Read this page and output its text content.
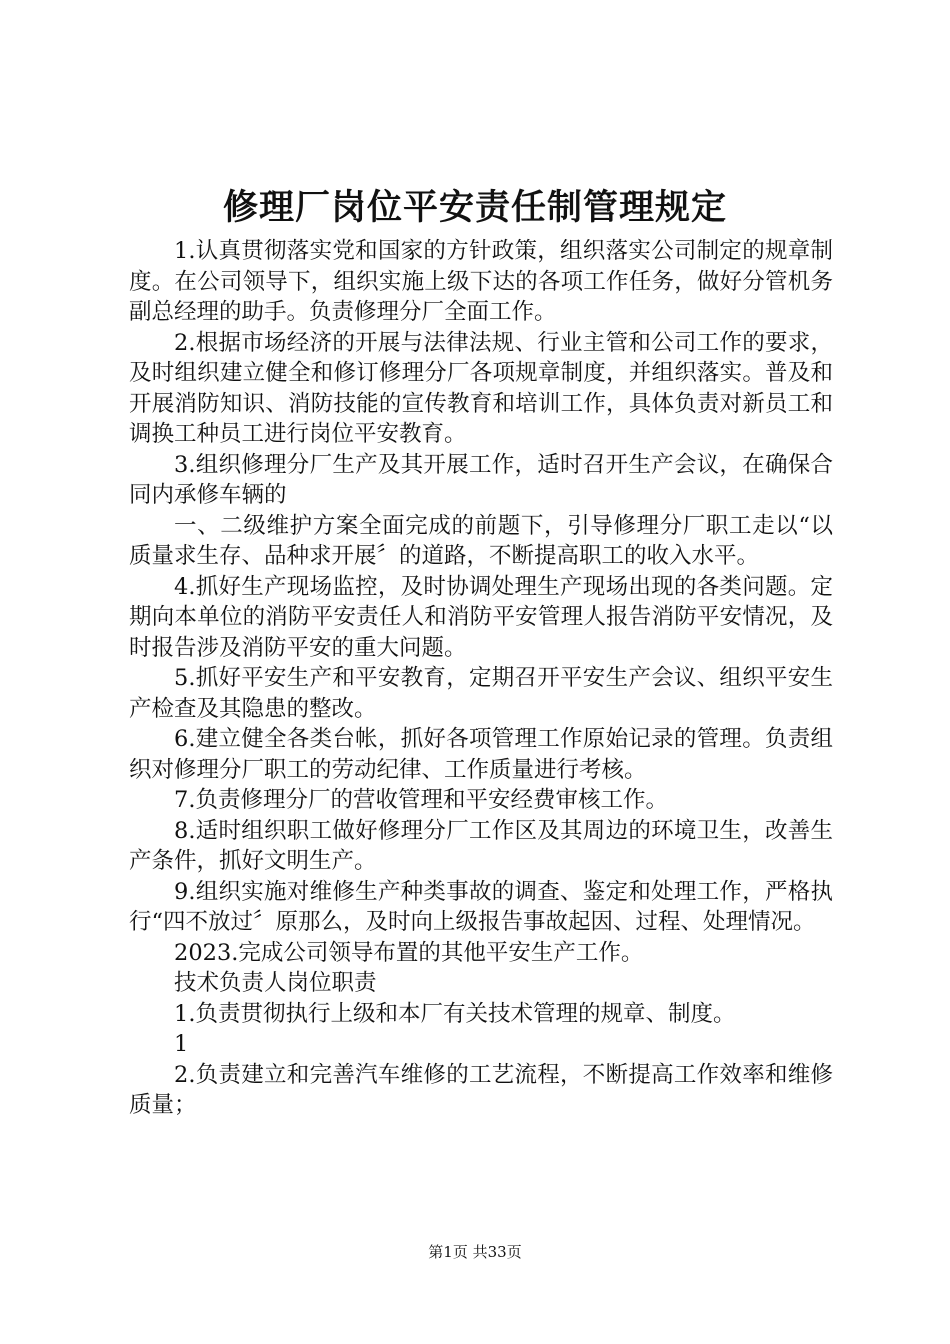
修理厂岗位平安责任制管理规定

1.认真贯彻落实党和国家的方针政策，组织落实公司制定的规章制度。在公司领导下，组织实施上级下达的各项工作任务，做好分管机务副总经理的助手。负责修理分厂全面工作。

2.根据市场经济的开展与法律法规、行业主管和公司工作的要求，及时组织建立健全和修订修理分厂各项规章制度，并组织落实。普及和开展消防知识、消防技能的宣传教育和培训工作，具体负责对新员工和调换工种员工进行岗位平安教育。

3.组织修理分厂生产及其开展工作，适时召开生产会议，在确保合同内承修车辆的

一、二级维护方案全面完成的前题下，引导修理分厂职工走以“以质量求生存、品种求开展〞的道路，不断提高职工的收入水平。

4.抓好生产现场监控，及时协调处理生产现场出现的各类问题。定期向本单位的消防平安责任人和消防平安管理人报告消防平安情况，及时报告涉及消防平安的重大问题。

5.抓好平安生产和平安教育，定期召开平安生产会议、组织平安生产检查及其隐患的整改。

6.建立健全各类台帐，抓好各项管理工作原始记录的管理。负责组织对修理分厂职工的劳动纪律、工作质量进行考核。

7.负责修理分厂的营收管理和平安经费审核工作。

8.适时组织职工做好修理分厂工作区及其周边的环境卫生，改善生产条件，抓好文明生产。

9.组织实施对维修生产种类事故的调查、鉴定和处理工作，严格执行“四不放过〞原那么，及时向上级报告事故起因、过程、处理情况。

2023.完成公司领导布置的其他平安生产工作。

技术负责人岗位职责

1.负责贯彻执行上级和本厂有关技术管理的规章、制度。

1

2.负责建立和完善汽车维修的工艺流程，不断提高工作效率和维修质量；

第1页 共33页
